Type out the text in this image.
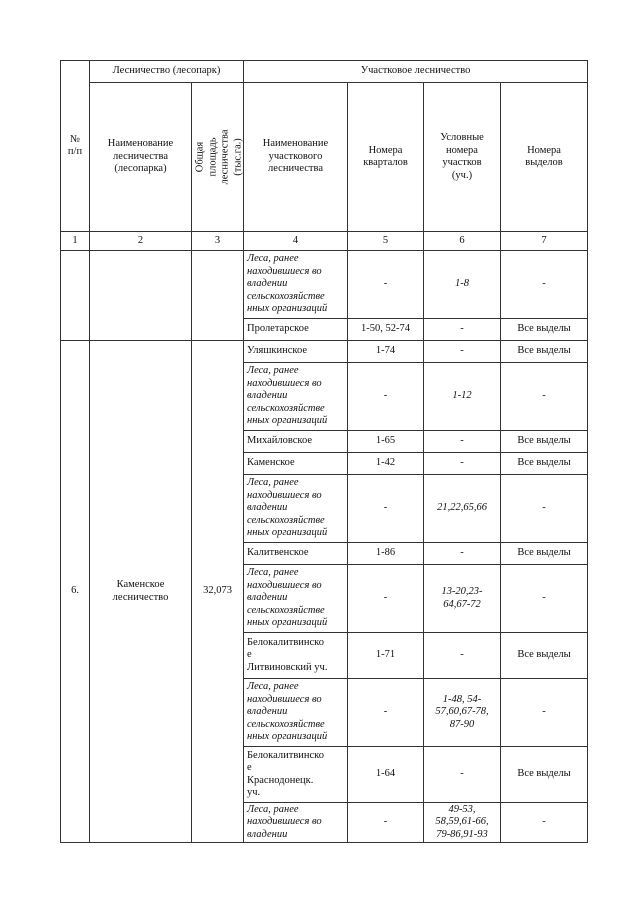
№
п/п	Лесничество (лесопарк)		Участковое лесничество			
	Наименование
лесничества
(лесопарка)	Общая площадь
лесничества (тыс.га.)	Наименование
участкового
лесничества	Номера
кварталов	Условные
номера
участков
(уч.)	Номера
выделов
1	2	3	4	5	6	7
			Леса, ранее
находившиеся во
владении
сельскохозяйстве
нных организаций	-	1-8	-
			Пролетарское	1-50, 52-74	-	Все выделы
6.	Каменское
лесничество	32,073	Уляшкинское	1-74	-	Все выделы
			Леса, ранее
находившиеся во
владении
сельскохозяйстве
нных организаций	-	1-12	-
			Михайловское	1-65	-	Все выделы
			Каменское	1-42	-	Все выделы
			Леса, ранее
находившиеся во
владении
сельскохозяйстве
нных организаций	-	21,22,65,66	-
			Калитвенское	1-86	-	Все выделы
			Леса, ранее
находившиеся во
владении
сельскохозяйстве
нных организаций	-	13-20,23-
64,67-72	-
			Белокалитвинско
е
Литвиновский уч.	1-71	-	Все выделы
			Леса, ранее
находившиеся во
владении
сельскохозяйстве
нных организаций	-	1-48, 54-
57,60,67-78,
87-90	-
			Белокалитвинско
е
Краснодонецк.
уч.	1-64	-	Все выделы
			Леса, ранее
находившиеся во
владении	-	49-53,
58,59,61-66,
79-86,91-93	-
